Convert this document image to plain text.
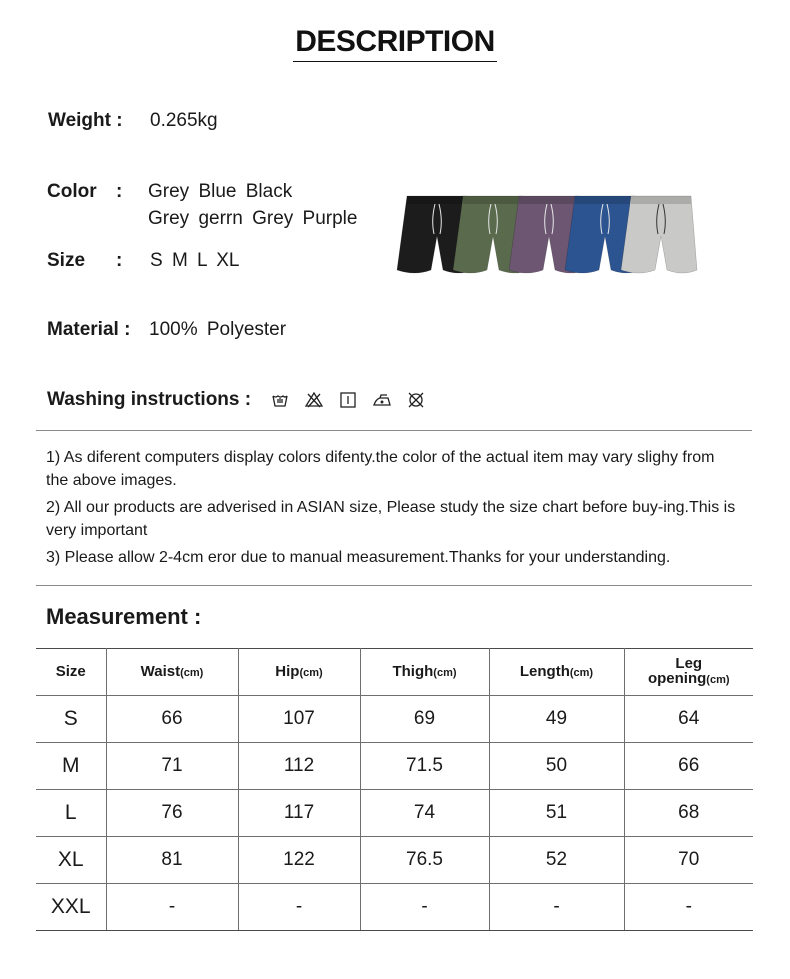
DESCRIPTION
Weight : 0.265kg
Color : Grey Blue Black
Grey gerrn Grey Purple
Size : S M L XL
Material : 100% Polyester
Washing instructions :

1) As diferent computers display colors difenty.the color of the actual item may vary slighy from the above images.

2) All our products are adverised in ASIAN size, Please study the size chart before buy-ing.This is very important

3) Please allow 2-4cm eror due to manual measurement.Thanks for your understanding.

Measurement :
Size	Waist(cm)	Hip(cm)	Thigh(cm)	Length(cm)	Leg opening(cm)
S	66	107	69	49	64
M	71	112	71.5	50	66
L	76	117	74	51	68
XL	81	122	76.5	52	70
XXL	-	-	-	-	-
